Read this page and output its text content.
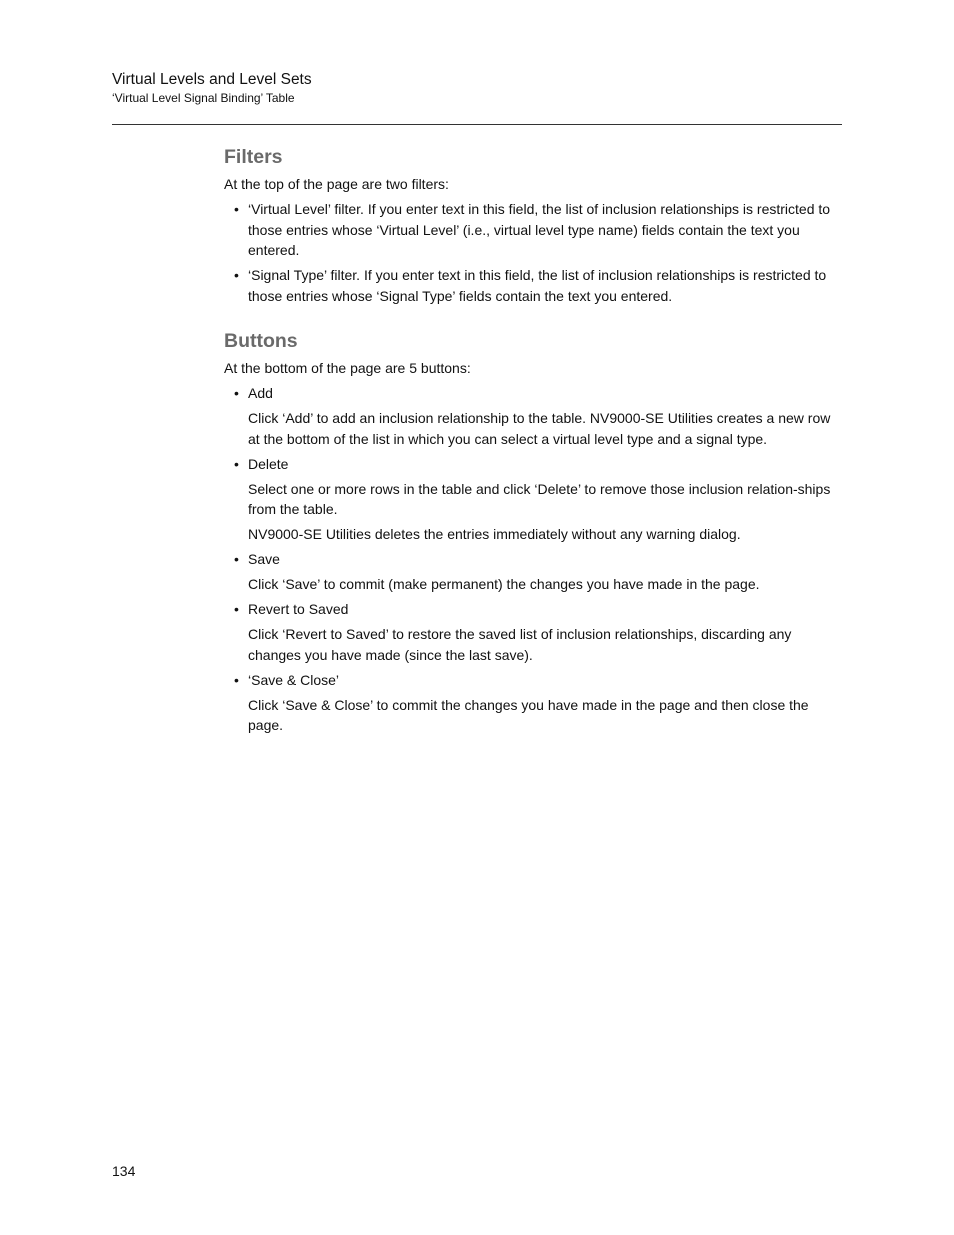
Virtual Levels and Level Sets
‘Virtual Level Signal Binding’ Table
Filters

At the top of the page are two filters:

• ‘Virtual Level’ filter. If you enter text in this field, the list of inclusion relationships is restricted to those entries whose ‘Virtual Level’ (i.e., virtual level type name) fields contain the text you entered.
• ‘Signal Type’ filter. If you enter text in this field, the list of inclusion relationships is restricted to those entries whose ‘Signal Type’ fields contain the text you entered.
Buttons

At the bottom of the page are 5 buttons:

• Add

Click ‘Add’ to add an inclusion relationship to the table. NV9000-SE Utilities creates a new row at the bottom of the list in which you can select a virtual level type and a signal type.

• Delete

Select one or more rows in the table and click ‘Delete’ to remove those inclusion relation-ships from the table.

NV9000-SE Utilities deletes the entries immediately without any warning dialog.

• Save

Click ‘Save’ to commit (make permanent) the changes you have made in the page.

• Revert to Saved

Click ‘Revert to Saved’ to restore the saved list of inclusion relationships, discarding any changes you have made (since the last save).

• ‘Save & Close’

Click ‘Save & Close’ to commit the changes you have made in the page and then close the page.

134
